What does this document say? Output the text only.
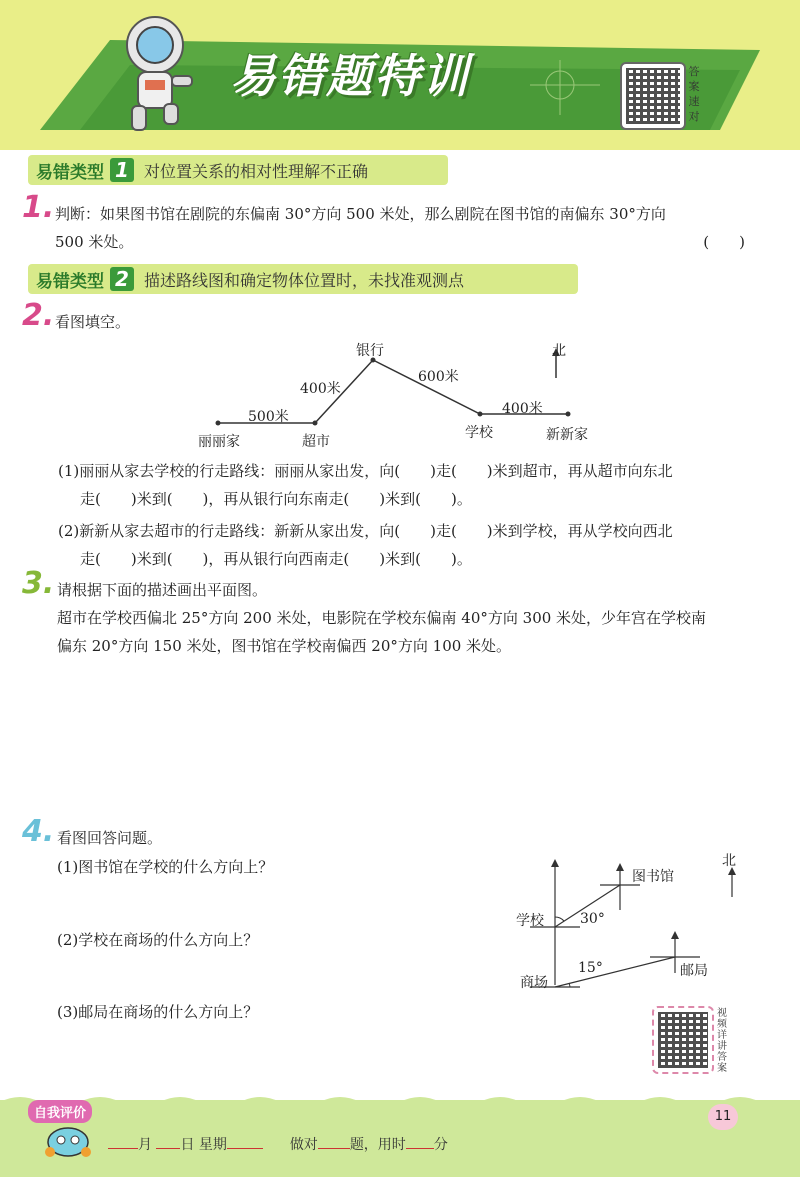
易错题特训	答
案
速
对
易错类型 1 对位置关系的相对性理解不正确
1. 判断：如果图书馆在剧院的东偏南 30°方向 500 米处，那么剧院在图书馆的南偏东 30°方向
500 米处。	(　　)
易错类型 2 描述路线图和确定物体位置时，未找准观测点
2. 看图填空。
北
丽丽家	超市
银行
学校	新新家
500米
400米
600米
400米
(1)丽丽从家去学校的行走路线：丽丽从家出发，向(　　)走(　　)米到超市，再从超市向东北
走(　　)米到(　　)，再从银行向东南走(　　)米到(　　)。
(2)新新从家去超市的行走路线：新新从家出发，向(　　)走(　　)米到学校，再从学校向西北
走(　　)米到(　　)，再从银行向西南走(　　)米到(　　)。
3. 请根据下面的描述画出平面图。
超市在学校西偏北 25°方向 200 米处，电影院在学校东偏南 40°方向 300 米处，少年宫在学校南
偏东 20°方向 150 米处，图书馆在学校南偏西 20°方向 100 米处。
4. 看图回答问题。
(1)图书馆在学校的什么方向上？
(2)学校在商场的什么方向上？
(3)邮局在商场的什么方向上？
北
图书馆
学校	30°
15°
商场
邮局
视
频
详
讲
答
案
自我评价
月 日 星期	做对 题，用时 分
11
